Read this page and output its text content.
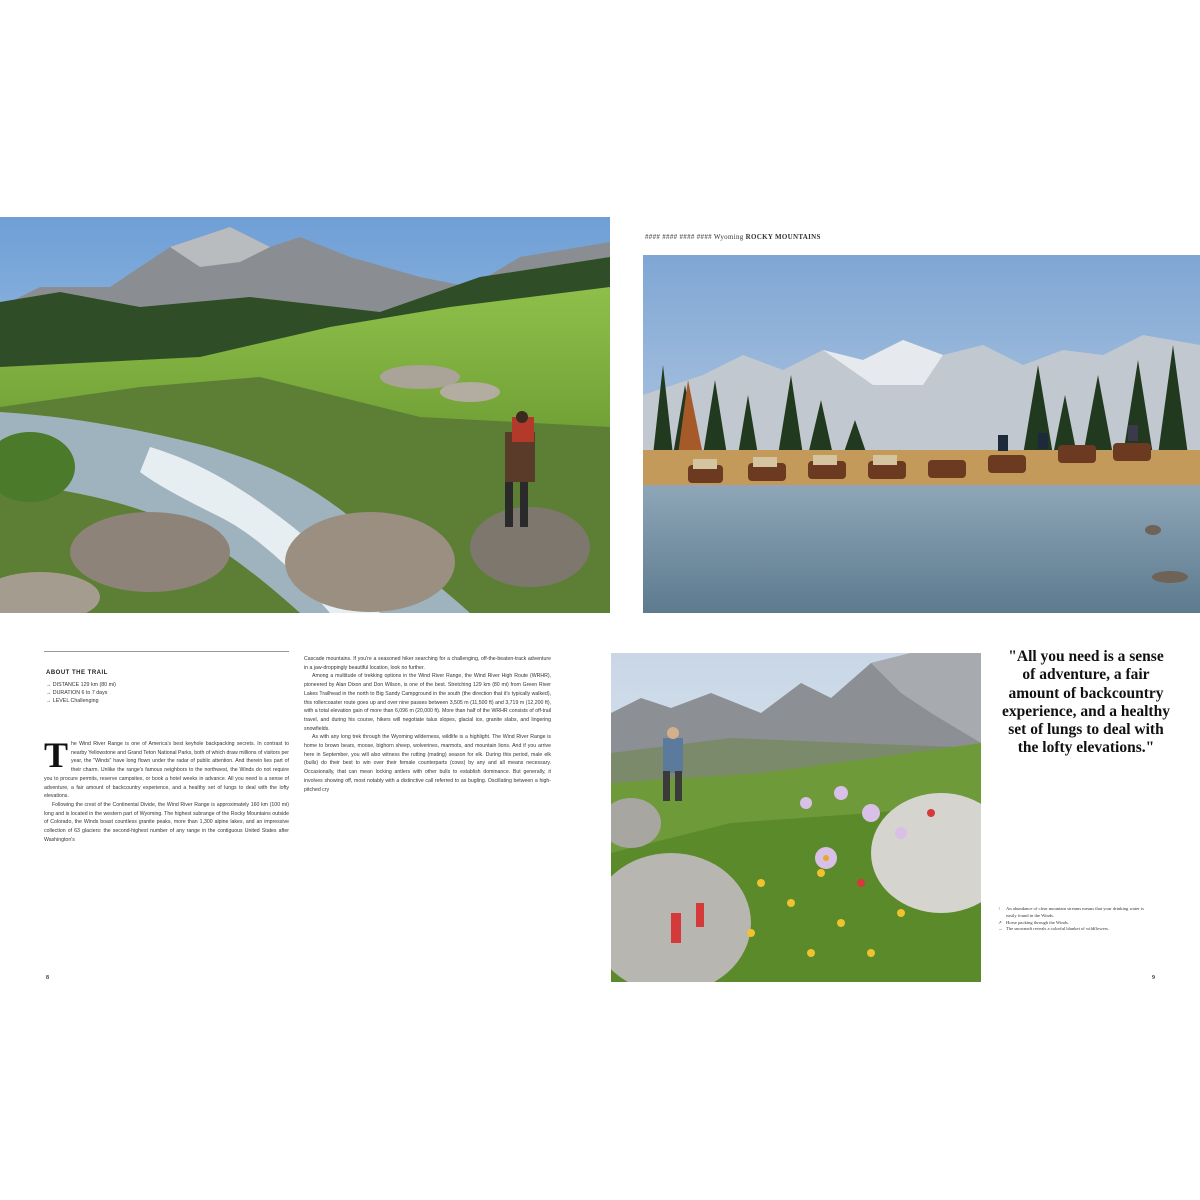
#### #### #### #### Wyoming ROCKY MOUNTAINS
ABOUT THE TRAIL
→ DISTANCE 129 km (80 mi)
→ DURATION 6 to 7 days
→ LEVEL Challenging
T he Wind River Range is one of America's best keyhole backpacking secrets. In contrast to nearby Yellowstone and Grand Teton National Parks, both of which draw millions of visitors per year, the "Winds" have long flown under the radar of public attention. And therein lies part of their charm. Unlike the range's famous neighbors to the northwest, the Winds do not require you to procure permits, reserve campsites, or book a hotel weeks in advance. All you need is a sense of adventure, a fair amount of backcountry experience, and a healthy set of lungs to deal with the lofty elevations.

Following the crest of the Continental Divide, the Wind River Range is approximately 160 km (100 mi) long and is located in the western part of Wyoming. The highest subrange of the Rocky Mountains outside of Colorado, the Winds boast countless granite peaks, more than 1,300 alpine lakes, and an impressive collection of 63 glaciers: the second-highest number of any range in the contiguous United States after Washington's

Cascade mountains. If you're a seasoned hiker searching for a challenging, off-the-beaten-track adventure in a jaw-droppingly beautiful location, look no further.

Among a multitude of trekking options in the Wind River Range, the Wind River High Route (WRHR), pioneered by Alan Dixon and Don Wilson, is one of the best. Stretching 129 km (80 mi) from Green River Lakes Trailhead in the north to Big Sandy Campground in the south (the direction that it's typically walked), this rollercoaster route goes up and over nine passes between 3,505 m (11,500 ft) and 3,719 m (12,200 ft), with a total elevation gain of more than 6,096 m (20,000 ft). More than half of the WRHR consists of off-trail travel, and during his course, hikers will negotiate talus slopes, glacial ice, granite slabs, and lingering snowfields.

As with any long trek through the Wyoming wilderness, wildlife is a highlight. The Wind River Range is home to brown bears, moose, bighorn sheep, wolverines, marmots, and mountain lions. And if you arrive here in September, you will also witness the rutting (mating) season for elk. During this period, male elk (bulls) do their best to win over their female counterparts (cows) by any and all means necessary. Occasionally, that can mean locking antlers with other bulls to establish dominance. But generally, it involves showing off, most notably with a distinctive call referred to as bugling. Oscillating between a high-pitched cry

"All you need is a sense of adventure, a fair amount of backcountry experience, and a healthy set of lungs to deal with the lofty elevations."
↑ An abundance of clear mountain streams means that your drinking water is easily found in the Winds.
↗ Horse packing through the Winds.
→ The snowmelt reveals a colorful blanket of wildflowers.
8	9
